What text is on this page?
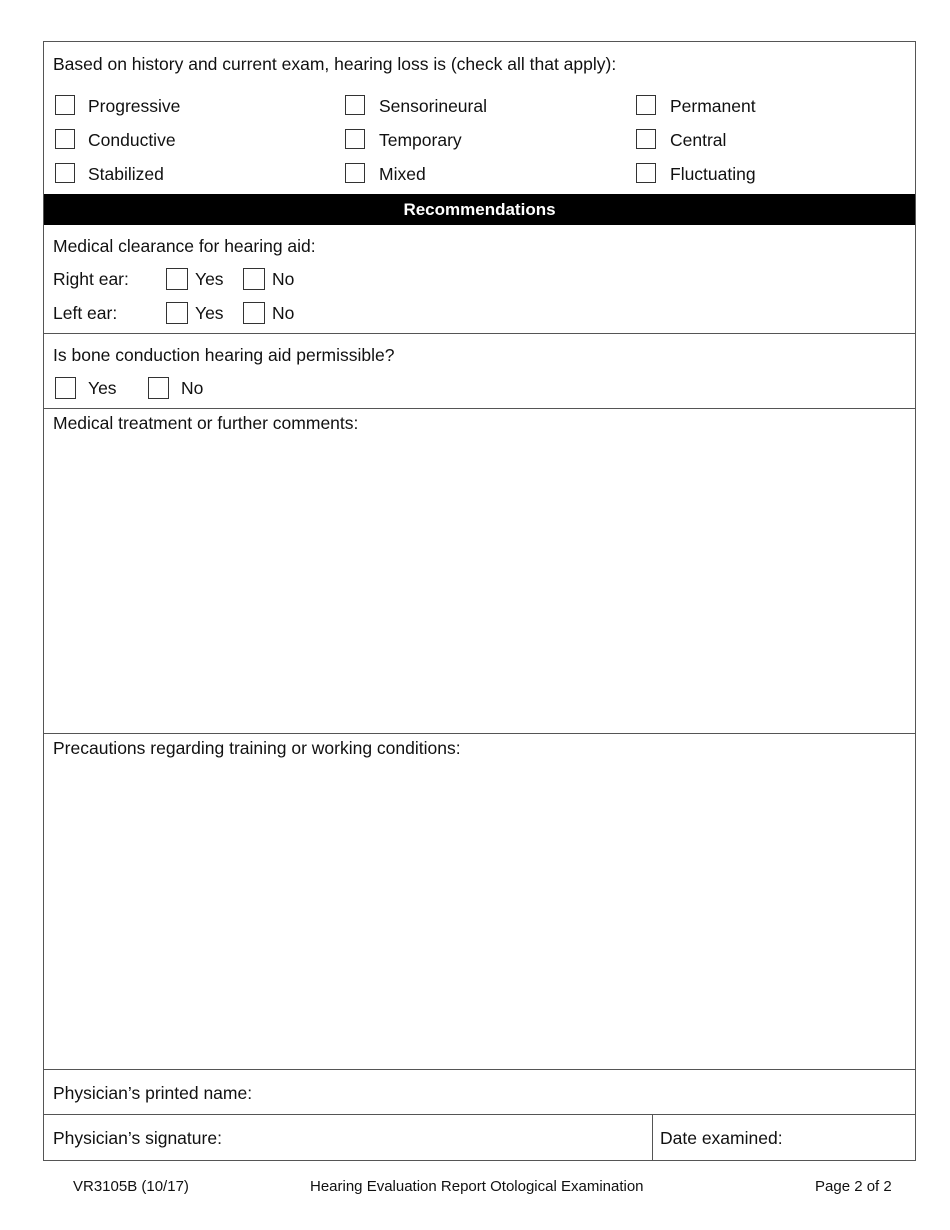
Based on history and current exam, hearing loss is (check all that apply):
Progressive	Sensorineural	Permanent
Conductive	Temporary	Central
Stabilized	Mixed	Fluctuating
Recommendations
Medical clearance for hearing aid:
Right ear:	Yes	No
Left ear:	Yes	No
Is bone conduction hearing aid permissible?
Yes	No
Medical treatment or further comments:
Precautions regarding training or working conditions:
Physician’s printed name:
Physician’s signature:	Date examined:
VR3105B (10/17)	Hearing Evaluation Report Otological Examination	Page 2 of 2
